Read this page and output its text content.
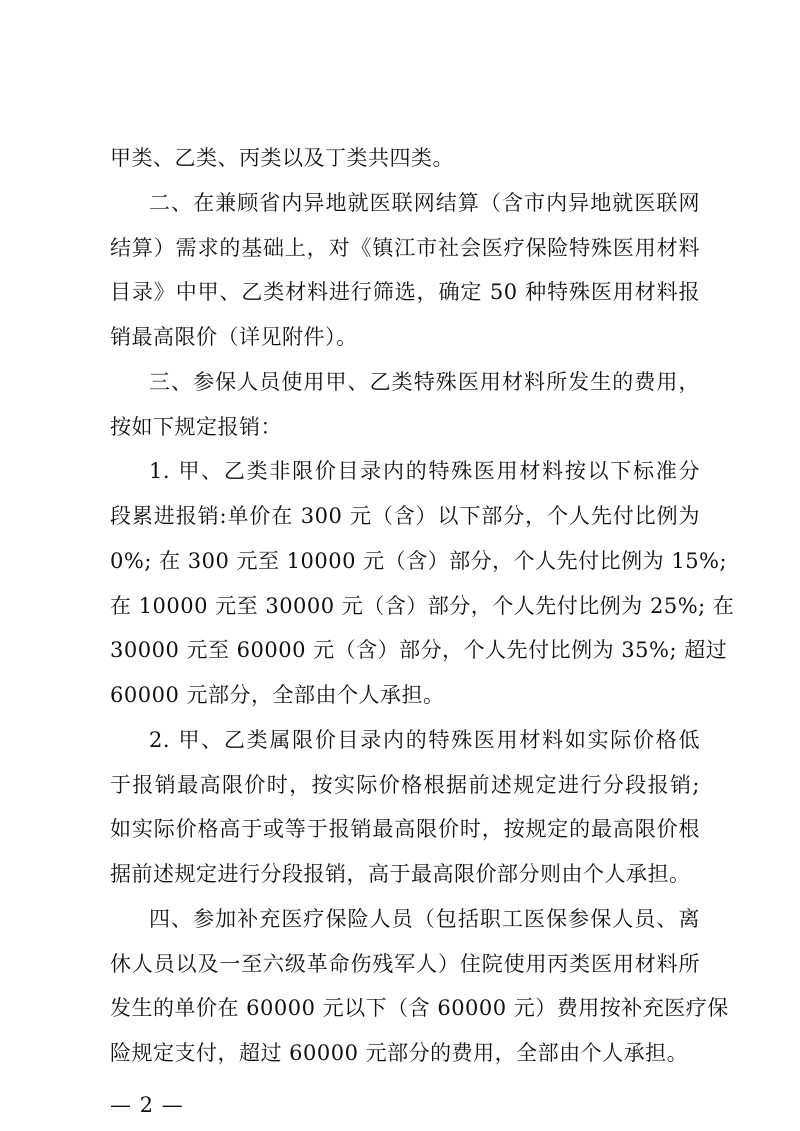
甲类、乙类、丙类以及丁类共四类。
二、在兼顾省内异地就医联网结算（含市内异地就医联网
结算）需求的基础上，对《镇江市社会医疗保险特殊医用材料
目录》中甲、乙类材料进行筛选，确定 50 种特殊医用材料报
销最高限价（详见附件）。
三、参保人员使用甲、乙类特殊医用材料所发生的费用，
按如下规定报销：
1. 甲、乙类非限价目录内的特殊医用材料按以下标准分
段累进报销:单价在 300 元（含）以下部分，个人先付比例为
0%; 在 300 元至 10000 元（含）部分，个人先付比例为 15%;
在 10000 元至 30000 元（含）部分，个人先付比例为 25%; 在
30000 元至 60000 元（含）部分，个人先付比例为 35%; 超过
60000 元部分，全部由个人承担。
2. 甲、乙类属限价目录内的特殊医用材料如实际价格低
于报销最高限价时，按实际价格根据前述规定进行分段报销;
如实际价格高于或等于报销最高限价时，按规定的最高限价根
据前述规定进行分段报销，高于最高限价部分则由个人承担。
四、参加补充医疗保险人员（包括职工医保参保人员、离
休人员以及一至六级革命伤残军人）住院使用丙类医用材料所
发生的单价在 60000 元以下（含 60000 元）费用按补充医疗保
险规定支付，超过 60000 元部分的费用，全部由个人承担。
— 2 —
